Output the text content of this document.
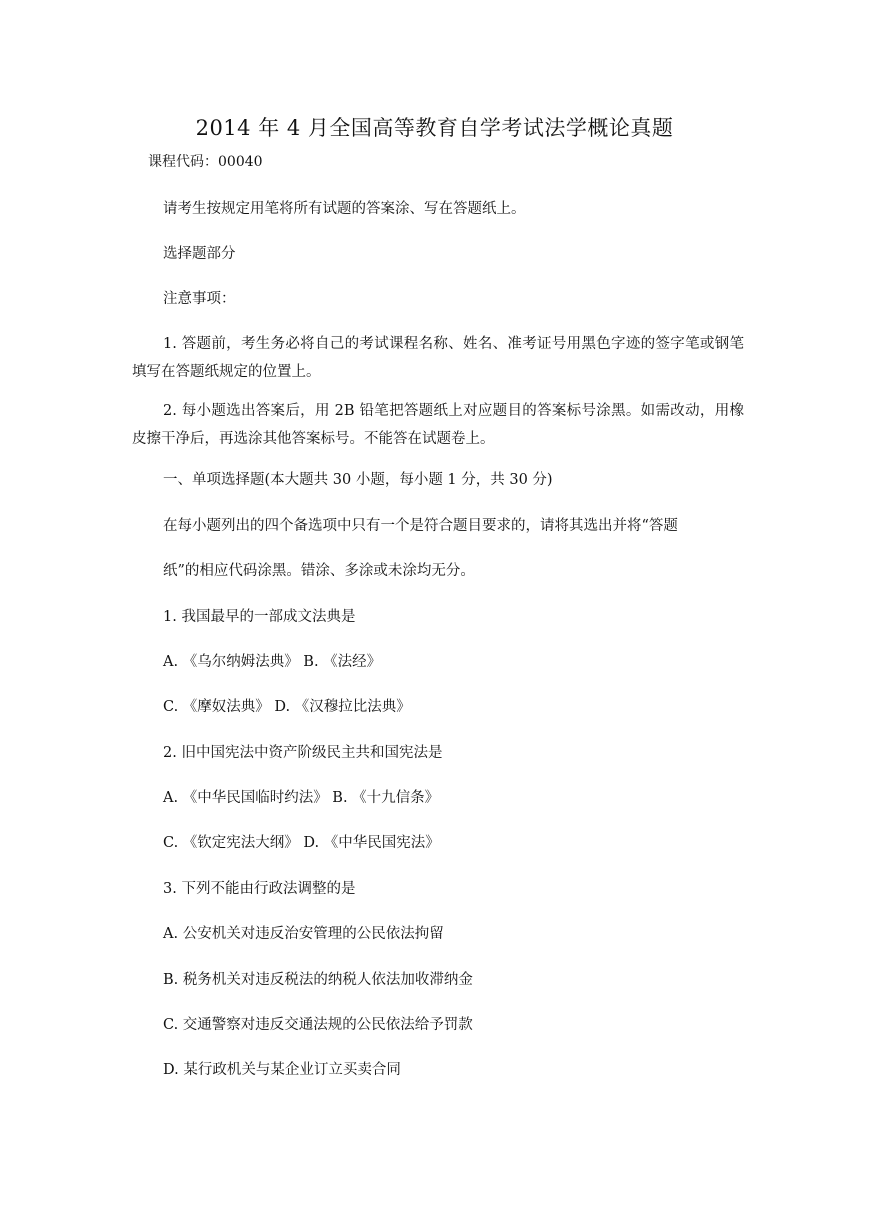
2014 年 4 月全国高等教育自学考试法学概论真题
课程代码：00040
请考生按规定用笔将所有试题的答案涂、写在答题纸上。
选择题部分
注意事项：
1. 答题前，考生务必将自己的考试课程名称、姓名、准考证号用黑色字迹的签字笔或钢笔填写在答题纸规定的位置上。
2. 每小题选出答案后，用 2B 铅笔把答题纸上对应题目的答案标号涂黑。如需改动，用橡皮擦干净后，再选涂其他答案标号。不能答在试题卷上。
一、单项选择题(本大题共 30 小题，每小题 1 分，共 30 分)
在每小题列出的四个备选项中只有一个是符合题目要求的，请将其选出并将“答题
纸”的相应代码涂黑。错涂、多涂或未涂均无分。
1. 我国最早的一部成文法典是
A. 《乌尔纳姆法典》 B. 《法经》
C. 《摩奴法典》 D. 《汉穆拉比法典》
2. 旧中国宪法中资产阶级民主共和国宪法是
A. 《中华民国临时约法》 B. 《十九信条》
C. 《钦定宪法大纲》 D. 《中华民国宪法》
3. 下列不能由行政法调整的是
A. 公安机关对违反治安管理的公民依法拘留
B. 税务机关对违反税法的纳税人依法加收滞纳金
C. 交通警察对违反交通法规的公民依法给予罚款
D. 某行政机关与某企业订立买卖合同
